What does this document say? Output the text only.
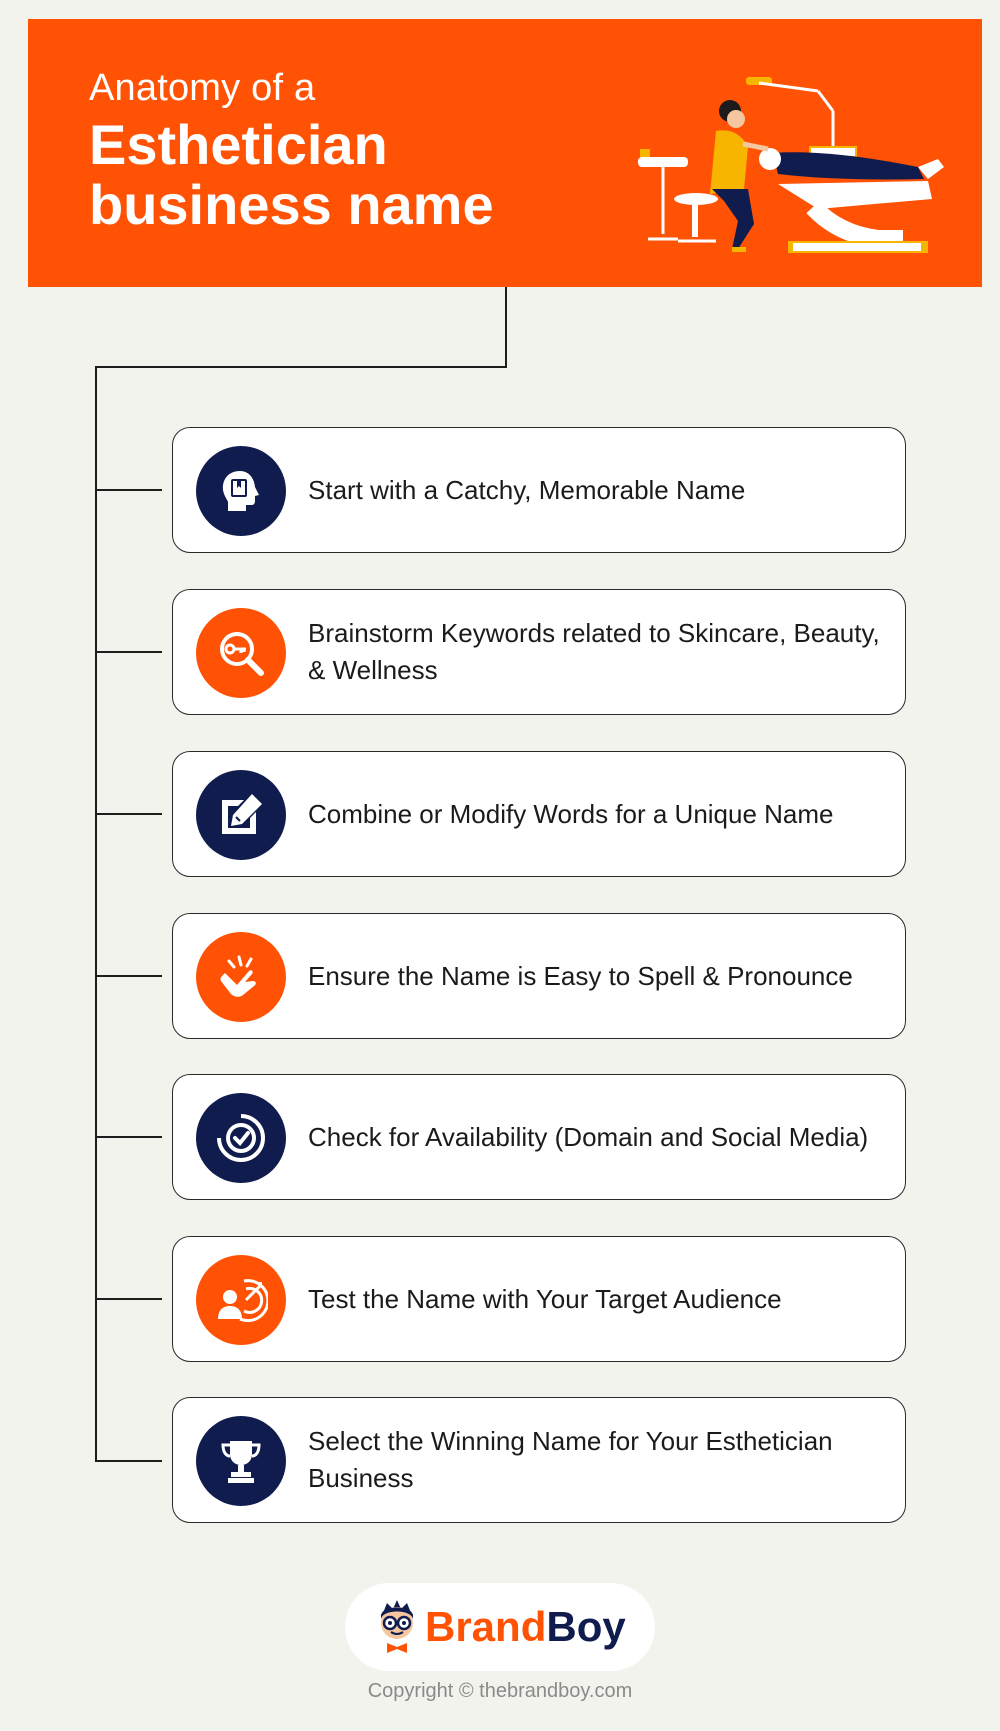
Anatomy of a
Esthetician
business name
Start with a Catchy, Memorable Name
Brainstorm Keywords related to Skincare, Beauty, & Wellness
Combine or Modify Words for a Unique Name
Ensure the Name is Easy to Spell & Pronounce
Check for Availability (Domain and Social Media)
Test the Name with Your Target Audience
Select the Winning Name for Your Esthetician Business
BrandBoy
Copyright © thebrandboy.com
